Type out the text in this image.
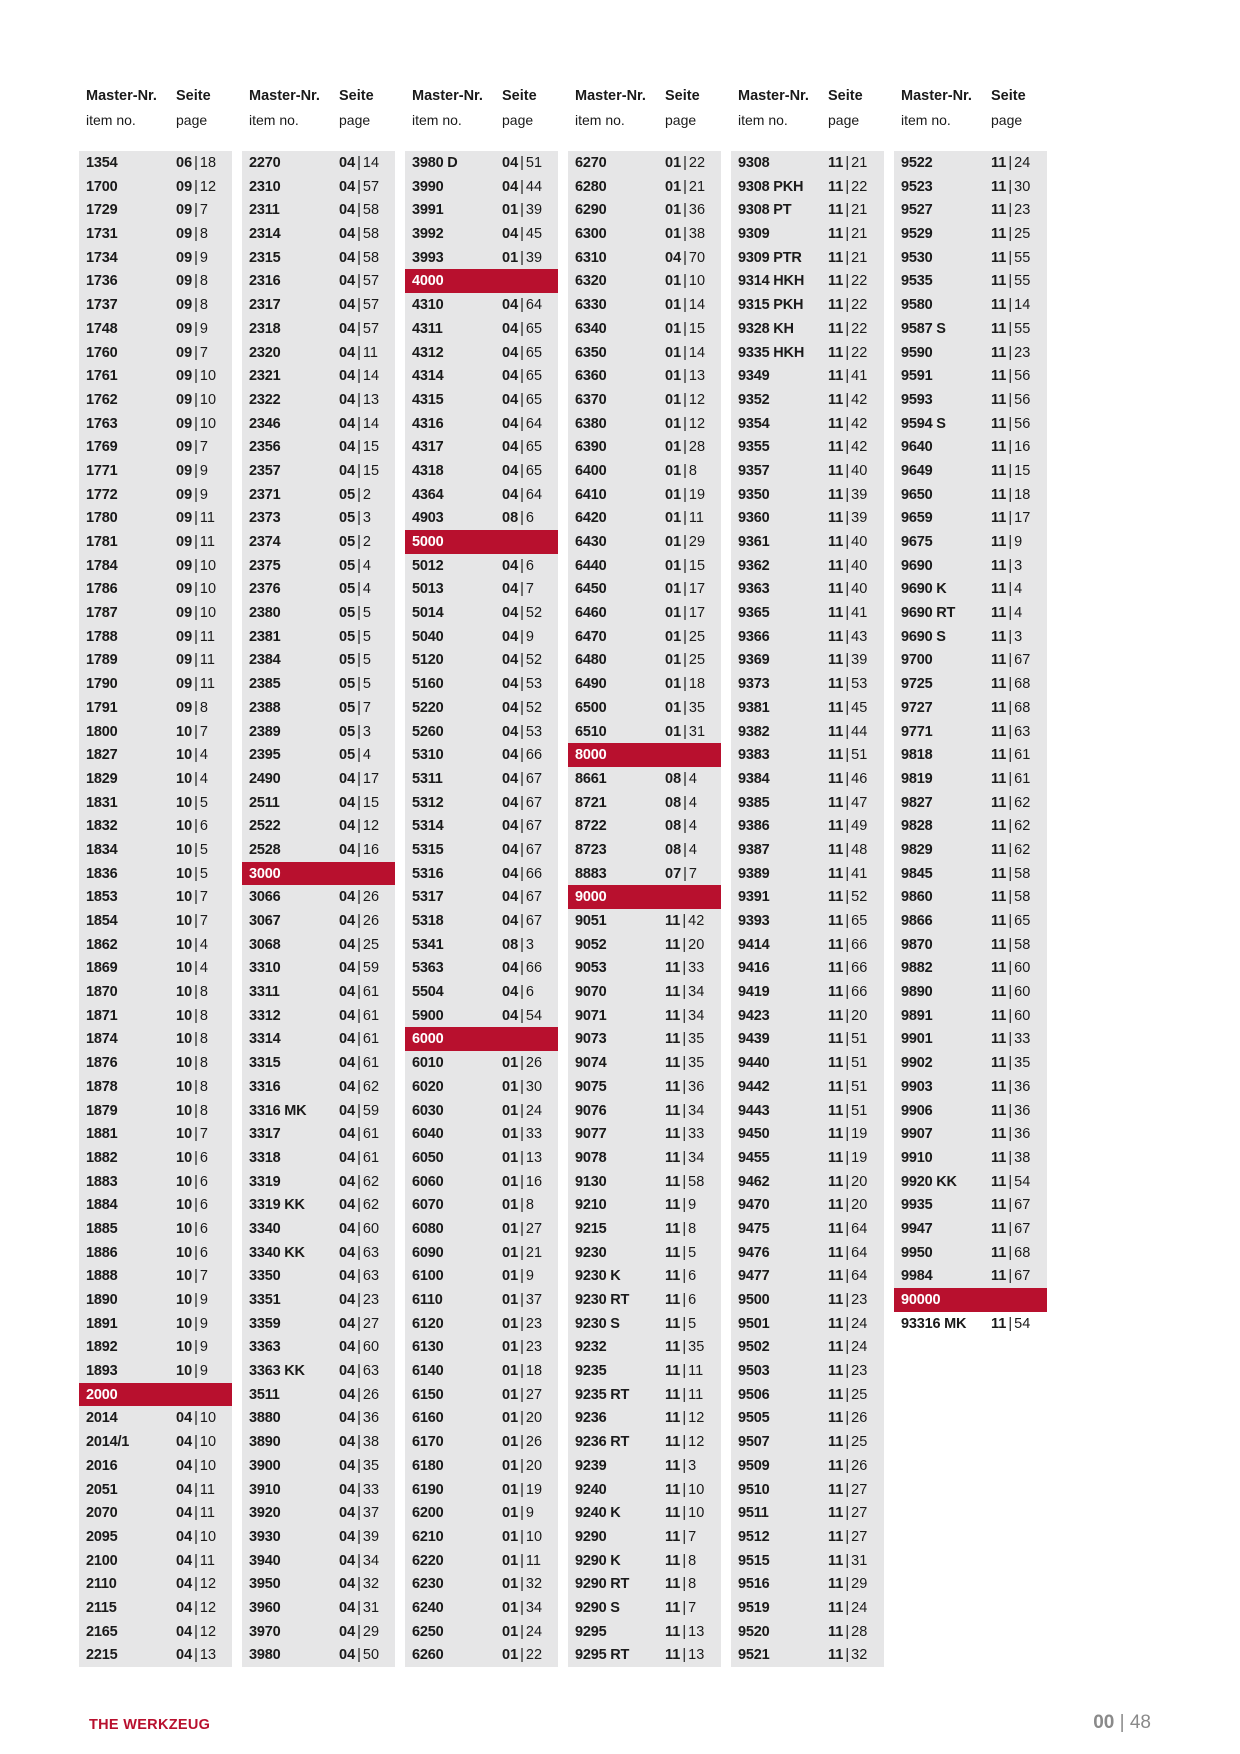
Master-Nr. Seite
item no.	page
1354	06 | 18
1700	09 | 12
1729	09 | 7
1731	09 | 8
1734	09 | 9
1736	09 | 8
1737	09 | 8
1748	09 | 9
1760	09 | 7
1761	09 | 10
1762	09 | 10
1763	09 | 10
1769	09 | 7
1771	09 | 9
1772	09 | 9
1780	09 | 11
1781	09 | 11
1784	09 | 10
1786	09 | 10
1787	09 | 10
1788	09 | 11
1789	09 | 11
1790	09 | 11
1791	09 | 8
1800	10 | 7
1827	10 | 4
1829	10 | 4
1831	10 | 5
1832	10 | 6
1834	10 | 5
1836	10 | 5
1853	10 | 7
1854	10 | 7
1862	10 | 4
1869	10 | 4
1870	10 | 8
1871	10 | 8
1874	10 | 8
1876	10 | 8
1878	10 | 8
1879	10 | 8
1881	10 | 7
1882	10 | 6
1883	10 | 6
1884	10 | 6
1885	10 | 6
1886	10 | 6
1888	10 | 7
1890	10 | 9
1891	10 | 9
1892	10 | 9
1893	10 | 9
2000
2014	04 | 10
2014/1	04 | 10
2016	04 | 10
2051	04 | 11
2070	04 | 11
2095	04 | 10
2100	04 | 11
2110	04 | 12
2115	04 | 12
2165	04 | 12
2215	04 | 13
Master-Nr. Seite
item no.	page
2270	04 | 14
2310	04 | 57
2311	04 | 58
2314	04 | 58
2315	04 | 58
2316	04 | 57
2317	04 | 57
2318	04 | 57
2320	04 | 11
2321	04 | 14
2322	04 | 13
2346	04 | 14
2356	04 | 15
2357	04 | 15
2371	05 | 2
2373	05 | 3
2374	05 | 2
2375	05 | 4
2376	05 | 4
2380	05 | 5
2381	05 | 5
2384	05 | 5
2385	05 | 5
2388	05 | 7
2389	05 | 3
2395	05 | 4
2490	04 | 17
2511	04 | 15
2522	04 | 12
2528	04 | 16
3000
3066	04 | 26
3067	04 | 26
3068	04 | 25
3310	04 | 59
3311	04 | 61
3312	04 | 61
3314	04 | 61
3315	04 | 61
3316	04 | 62
3316 MK 04 | 59
3317	04 | 61
3318	04 | 61
3319	04 | 62
3319 KK 04 | 62
3340	04 | 60
3340 KK 04 | 63
3350	04 | 63
3351	04 | 23
3359	04 | 27
3363	04 | 60
3363 KK 04 | 63
3511	04 | 26
3880	04 | 36
3890	04 | 38
3900	04 | 35
3910	04 | 33
3920	04 | 37
3930	04 | 39
3940	04 | 34
3950	04 | 32
3960	04 | 31
3970	04 | 29
3980	04 | 50
Master-Nr. Seite
item no.	page
3980 D	04 | 51
3990	04 | 44
3991	01 | 39
3992	04 | 45
3993	01 | 39
4000
4310	04 | 64
4311	04 | 65
4312	04 | 65
4314	04 | 65
4315	04 | 65
4316	04 | 64
4317	04 | 65
4318	04 | 65
4364	04 | 64
4903	08 | 6
5000
5012	04 | 6
5013	04 | 7
5014	04 | 52
5040	04 | 9
5120	04 | 52
5160	04 | 53
5220	04 | 52
5260	04 | 53
5310	04 | 66
5311	04 | 67
5312	04 | 67
5314	04 | 67
5315	04 | 67
5316	04 | 66
5317	04 | 67
5318	04 | 67
5341	08 | 3
5363	04 | 66
5504	04 | 6
5900	04 | 54
6000
6010	01 | 26
6020	01 | 30
6030	01 | 24
6040	01 | 33
6050	01 | 13
6060	01 | 16
6070	01 | 8
6080	01 | 27
6090	01 | 21
6100	01 | 9
6110	01 | 37
6120	01 | 23
6130	01 | 23
6140	01 | 18
6150	01 | 27
6160	01 | 20
6170	01 | 26
6180	01 | 20
6190	01 | 19
6200	01 | 9
6210	01 | 10
6220	01 | 11
6230	01 | 32
6240	01 | 34
6250	01 | 24
6260	01 | 22
Master-Nr. Seite
item no.	page
6270	01 | 22
6280	01 | 21
6290	01 | 36
6300	01 | 38
6310	04 | 70
6320	01 | 10
6330	01 | 14
6340	01 | 15
6350	01 | 14
6360	01 | 13
6370	01 | 12
6380	01 | 12
6390	01 | 28
6400	01 | 8
6410	01 | 19
6420	01 | 11
6430	01 | 29
6440	01 | 15
6450	01 | 17
6460	01 | 17
6470	01 | 25
6480	01 | 25
6490	01 | 18
6500	01 | 35
6510	01 | 31
8000
8661	08 | 4
8721	08 | 4
8722	08 | 4
8723	08 | 4
8883	07 | 7
9000
9051	11 | 42
9052	11 | 20
9053	11 | 33
9070	11 | 34
9071	11 | 34
9073	11 | 35
9074	11 | 35
9075	11 | 36
9076	11 | 34
9077	11 | 33
9078	11 | 34
9130	11 | 58
9210	11 | 9
9215	11 | 8
9230	11 | 5
9230 K	11 | 6
9230 RT 11 | 6
9230 S	11 | 5
9232	11 | 35
9235	11 | 11
9235 RT 11 | 11
9236	11 | 12
9236 RT 11 | 12
9239	11 | 3
9240	11 | 10
9240 K	11 | 10
9290	11 | 7
9290 K	11 | 8
9290 RT 11 | 8
9290 S	11 | 7
9295	11 | 13
9295 RT 11 | 13
Master-Nr. Seite
item no.	page
9308	11 | 21
9308 PKH 11 | 22
9308 PT	11 | 21
9309	11 | 21
9309 PTR 11 | 21
9314 HKH 11 | 22
9315 PKH 11 | 22
9328 KH 11 | 22
9335 HKH 11 | 22
9349	11 | 41
9352	11 | 42
9354	11 | 42
9355	11 | 42
9357	11 | 40
9350	11 | 39
9360	11 | 39
9361	11 | 40
9362	11 | 40
9363	11 | 40
9365	11 | 41
9366	11 | 43
9369	11 | 39
9373	11 | 53
9381	11 | 45
9382	11 | 44
9383	11 | 51
9384	11 | 46
9385	11 | 47
9386	11 | 49
9387	11 | 48
9389	11 | 41
9391	11 | 52
9393	11 | 65
9414	11 | 66
9416	11 | 66
9419	11 | 66
9423	11 | 20
9439	11 | 51
9440	11 | 51
9442	11 | 51
9443	11 | 51
9450	11 | 19
9455	11 | 19
9462	11 | 20
9470	11 | 20
9475	11 | 64
9476	11 | 64
9477	11 | 64
9500	11 | 23
9501	11 | 24
9502	11 | 24
9503	11 | 23
9506	11 | 25
9505	11 | 26
9507	11 | 25
9509	11 | 26
9510	11 | 27
9511	11 | 27
9512	11 | 27
9515	11 | 31
9516	11 | 29
9519	11 | 24
9520	11 | 28
9521	11 | 32
Master-Nr. Seite
item no.	page
9522	11 | 24
9523	11 | 30
9527	11 | 23
9529	11 | 25
9530	11 | 55
9535	11 | 55
9580	11 | 14
9587 S	11 | 55
9590	11 | 23
9591	11 | 56
9593	11 | 56
9594 S	11 | 56
9640	11 | 16
9649	11 | 15
9650	11 | 18
9659	11 | 17
9675	11 | 9
9690	11 | 3
9690 K	11 | 4
9690 RT 11 | 4
9690 S	11 | 3
9700	11 | 67
9725	11 | 68
9727	11 | 68
9771	11 | 63
9818	11 | 61
9819	11 | 61
9827	11 | 62
9828	11 | 62
9829	11 | 62
9845	11 | 58
9860	11 | 58
9866	11 | 65
9870	11 | 58
9882	11 | 60
9890	11 | 60
9891	11 | 60
9901	11 | 33
9902	11 | 35
9903	11 | 36
9906	11 | 36
9907	11 | 36
9910	11 | 38
9920 KK 11 | 54
9935	11 | 67
9947	11 | 67
9950	11 | 68
9984	11 | 67
90000
93316 MK 11 | 54
THE WERKZEUG	00 | 48
